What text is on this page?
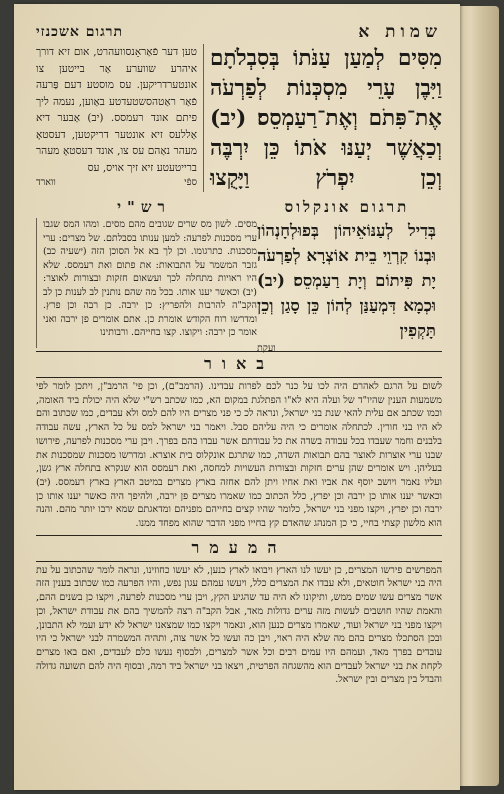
שמות א
תרגום אשכנזי

מִסִּים לְמַעַן עַנֹּתוֹ בְּסִבְלֹתָם וַיִּבֶן עָרֵי מִסְכְּנוֹת לְפַרְעֹה אֶת־פִּתֹם וְאֶת־רַעַמְסֵס׃ (יב) וְכַאֲשֶׁר יְעַנּוּ אֹתוֹ כֵּן יִרְבֶּה וְכֵן יִפְרֹץ וַיָּקֻצוּ

טען דער פֿאַראָנסוועהרט, אום זיא דורך איהרע שווערע אַר בייטען צו אונטערדריקען. עס מוסטע דעם פַּרעה פֿאַר ראַטהסשטעדטע באַוען, נעמה ליך פיתם אונד רעמסס. (יב) אַבער דיא אַללעס זיא אונטער דריקטען, דעסטאָ מעהר נאַהם עס צו, אונד דעסטאָ מעהר ברייטעטע זיא זיך אויס, עס

ספֿי
ווארד
תרגום אונקלוס
רש"י
בְּדִיל לְעַנּוֹאֵיהוֹן בְּפוּלְחָנְהוֹן וּבְנוֹ קִרְוֵי בֵית אוֹצְרָא לְפַרְעֹה יָת פִּיתוֹם וְיָת רַעַמְסֵס׃ (יב) וּכְמָא דִּמְעַנַּן לְהוֹן כֵּן סָגַן וְכֵן תָּקְפִין
ועקת

מסים. לשון מס שרים שגובים מהם מסים. ומהו המס שגבו ערי מסכנות לפרעה: למען ענותו בסבלתם. של מצרים: ערי מסכנות. כתרגומו. וכן לך בא אל הסוכן הזה (ישעיה כב) גזבר המשמר על התבואות: את פתום ואת רעמסס. שלא היו ראויות מתחלה לכך ועשאום חזקות ובצורות לאוצר: (יב) וכאשר יענו אותו. בכל מה שהם נותנין לב לענות כן לב הקב"ה להרבות ולהפריץ: כן ירבה. כן רבה וכן פרץ. ומדרשו רוח הקודש אומרת כן. אתם אומרים פן ירבה ואני אומר כן ירבה: ויקוצו. קצו בחייהם. ורבותינו

באור

לשום על הרגם לאהרם היה לכו על כנר לכם לפרות עבדינו. (הרמב"ם), וכן פי' הרמב"ן, ויתכן לומר לפי משמעות הענין שהיו"ד של ועלה היא לא"ו הפתלגת במקום הא, כמו שכתב רש"י שלא היה יכולת ביד האומה, וכמו שכתב אם עלית להאי שנת בני ישראל, ונראה לכ כי פני מצרים היו להם למס ולא עבדים, כמו שכתוב והם לא היו בני חורין. לכתחלה אומרים כי היה עליהם סבל. ויאמר בני ישראל למס על כל הארץ, עשה עבודה בלבנים וחמר שעבדו בכל עבודה בשדה את כל עבודתם אשר עבדו בהם בפרך. ויבן ערי מסכנות לפרעה, פירושו שבנו ערי אוצרות לאוצר בהם תבואות השדה, כמו שתרגם אונקלוס בית אוצרא. ומדרשו מסכנות שמסכנות את בעליהן. ויש אומרים שהן ערים חזקות ובצורות העשויות למחסה, ואת רעמסס הוא שנקרא בתחלה ארץ גשן, ועליו נאמר ויושב יוסף את אביו ואת אחיו ויתן להם אחזה בארץ מצרים במיטב הארץ בארץ רעמסס. (יב) וכאשר יענו אותו כן ירבה וכן יפרץ, כלל הכתוב כמו שאמרו מצרים פן ירבה, ולהיפך היה כאשר יענו אותו כן ירבה וכן יפרץ, ויקצו מפני בני ישראל, כלומר שהיו קצים בחייהם מפניהם ומדאגתם שמא ירבו יותר מהם. והנה הוא מלשון קצתי בחיי, כי כן המנהג שהאדם קץ בחייו מפני הדבר שהוא מפחד ממנו.

המעמר

המפרשים פירשו המצרים, כן יעשו לנו הארץ ויבואו לארץ כנען, לא יעשו כחוזינו, ונראה לומר שהכתוב על עת היה בני ישראל חוטאים, ולא עבדו את המצרים כלל, ויעשו עמהם עגון נפש, והיו הפרעה כמו שכתוב בענין הזה אשר מצרים עשו שמים ממש, ותיקונו לא היה עד שהגיע הקץ, ויבן ערי מסכנות לפרעה, ויקצו כן בשנים ההם, והאמת שהיו חושבים לעשות מזה ערים גדולות מאד, אבל הקב"ה רצה להמשיך בהם את עבודת ישראל, וכן ויקצו מפני בני ישראל ועוד, שאמרו מצרים כנען הוא, ונאמר ויקצו כמו שמצאנו ישראל לא ידע ועמי לא התבונן, ובכן הסתכלו מצרים בהם מה שלא היה ראוי, ויבן כה ועשו כל אשר צוה, ותהיה המשמרה לבני ישראל כי היו עובדים בפרך מאד, ועמהם היו עמים רבים וכל אשר למצרים, ולבסוף נעשו כלם לעבדים, ואם באו מצרים לקחת את בני ישראל לעבדים הוא מהשגחה הפרטית, ויצאו בני ישראל ביד רמה, ובסוף היה להם תשועה גדולה והבדל בין מצרים ובין ישראל.
